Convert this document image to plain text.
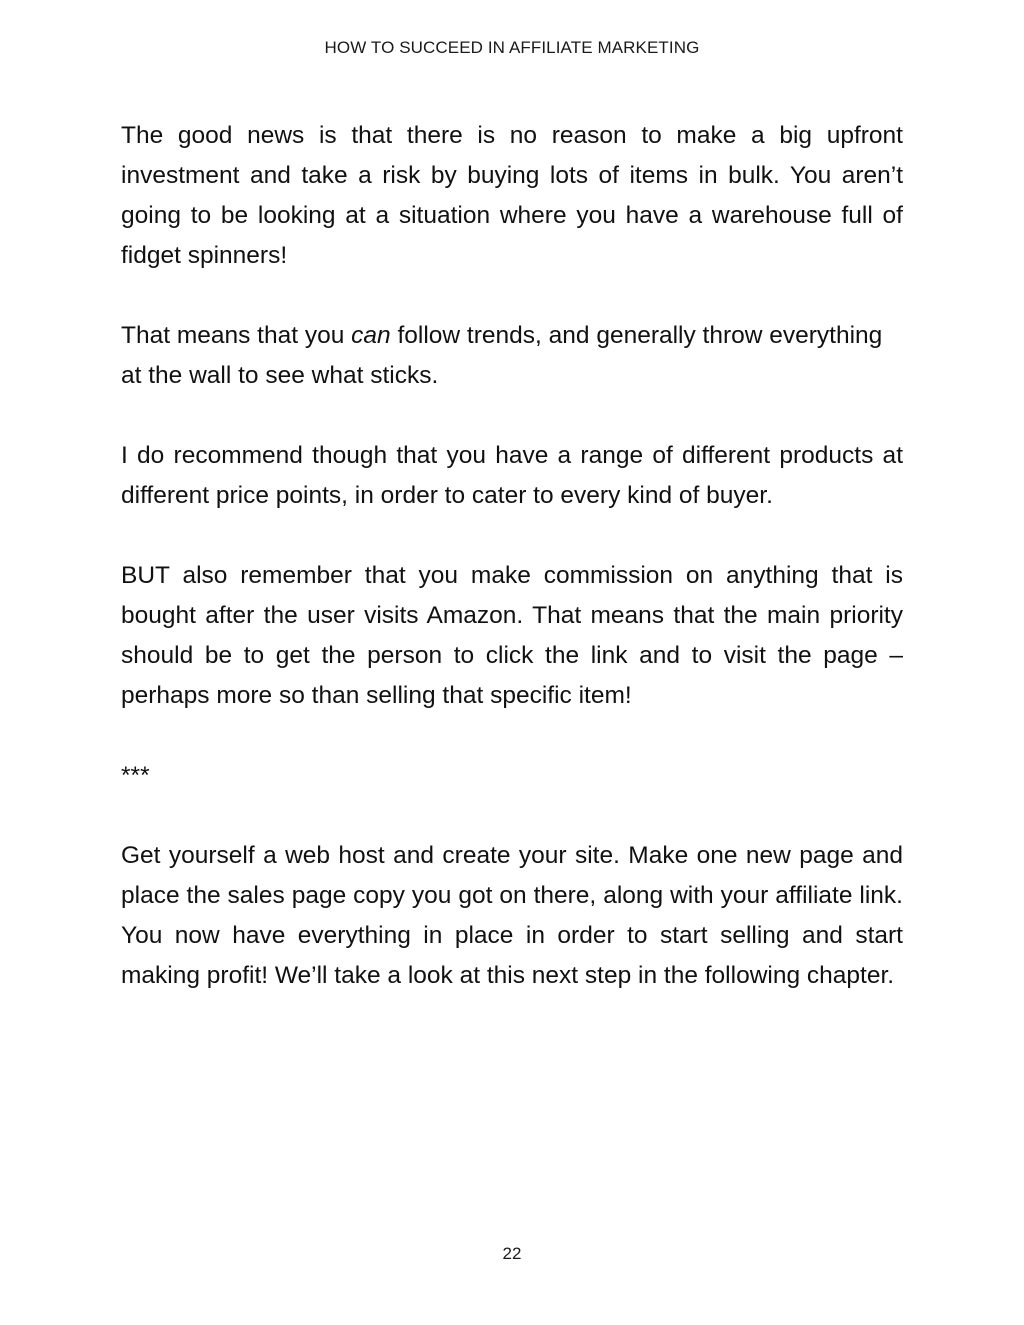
HOW TO SUCCEED IN AFFILIATE MARKETING

The good news is that there is no reason to make a big upfront investment and take a risk by buying lots of items in bulk. You aren’t going to be looking at a situation where you have a warehouse full of fidget spinners!

That means that you can follow trends, and generally throw everything at the wall to see what sticks.

I do recommend though that you have a range of different products at different price points, in order to cater to every kind of buyer.

BUT also remember that you make commission on anything that is bought after the user visits Amazon. That means that the main priority should be to get the person to click the link and to visit the page – perhaps more so than selling that specific item!

***

Get yourself a web host and create your site. Make one new page and place the sales page copy you got on there, along with your affiliate link. You now have everything in place in order to start selling and start making profit! We’ll take a look at this next step in the following chapter.

22
